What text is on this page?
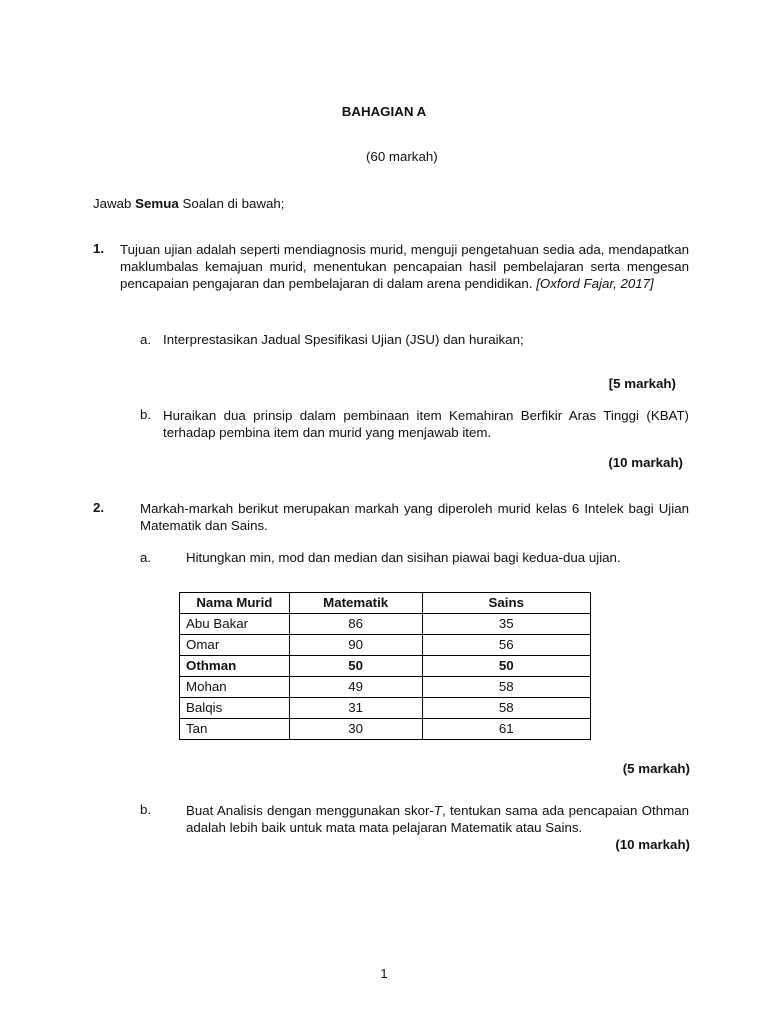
BAHAGIAN A
(60 markah)
Jawab Semua Soalan di bawah;
1. Tujuan ujian adalah seperti mendiagnosis murid, menguji pengetahuan sedia ada, mendapatkan maklumbalas kemajuan murid, menentukan pencapaian hasil pembelajaran serta mengesan pencapaian pengajaran dan pembelajaran di dalam arena pendidikan. [Oxford Fajar, 2017]
a. Interprestasikan Jadual Spesifikasi Ujian (JSU) dan huraikan;
[5 markah)
b. Huraikan dua prinsip dalam pembinaan item Kemahiran Berfikir Aras Tinggi (KBAT) terhadap pembina item dan murid yang menjawab item.
(10 markah)
2.	Markah-markah berikut merupakan markah yang diperoleh murid kelas 6 Intelek bagi Ujian Matematik dan Sains.
a.	Hitungkan min, mod dan median dan sisihan piawai bagi kedua-dua ujian.
Nama Murid	Matematik	Sains
Abu Bakar	86	35
Omar	90	56
Othman	50	50
Mohan	49	58
Balqis	31	58
Tan	30	61
(5 markah)
b.	Buat Analisis dengan menggunakan skor-T, tentukan sama ada pencapaian Othman adalah lebih baik untuk mata mata pelajaran Matematik atau Sains.
(10 markah)
1
